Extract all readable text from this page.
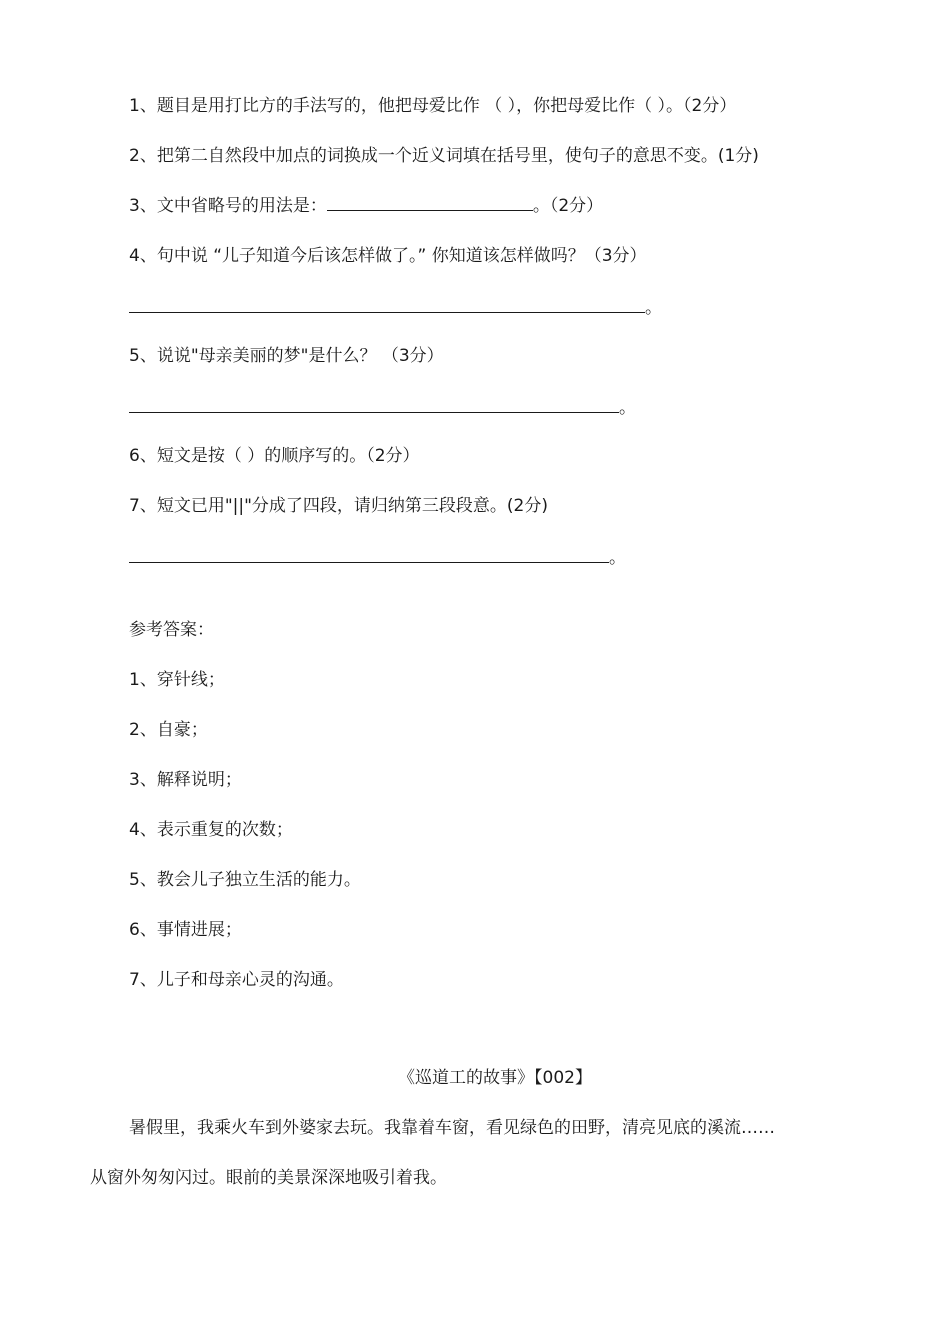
1、题目是用打比方的手法写的，他把母爱比作 （ ），你把母爱比作（ ）。（2分）
2、把第二自然段中加点的词换成一个近义词填在括号里，使句子的意思不变。(1分)
3、文中省略号的用法是：	。（2分）
4、句中说 “儿子知道今后该怎样做了。” 你知道该怎样做吗？（3分）
。
5、说说"母亲美丽的梦"是什么？ （3分）
。
6、短文是按（ ）的顺序写的。（2分）
7、短文已用"||"分成了四段，请归纳第三段段意。(2分)
。
参考答案：
1、穿针线；
2、自豪；
3、解释说明；
4、表示重复的次数；
5、教会儿子独立生活的能力。
6、事情进展；
7、儿子和母亲心灵的沟通。
《巡道工的故事》【002】
暑假里，我乘火车到外婆家去玩。我靠着车窗，看见绿色的田野，清亮见底的溪流……
从窗外匆匆闪过。眼前的美景深深地吸引着我。
